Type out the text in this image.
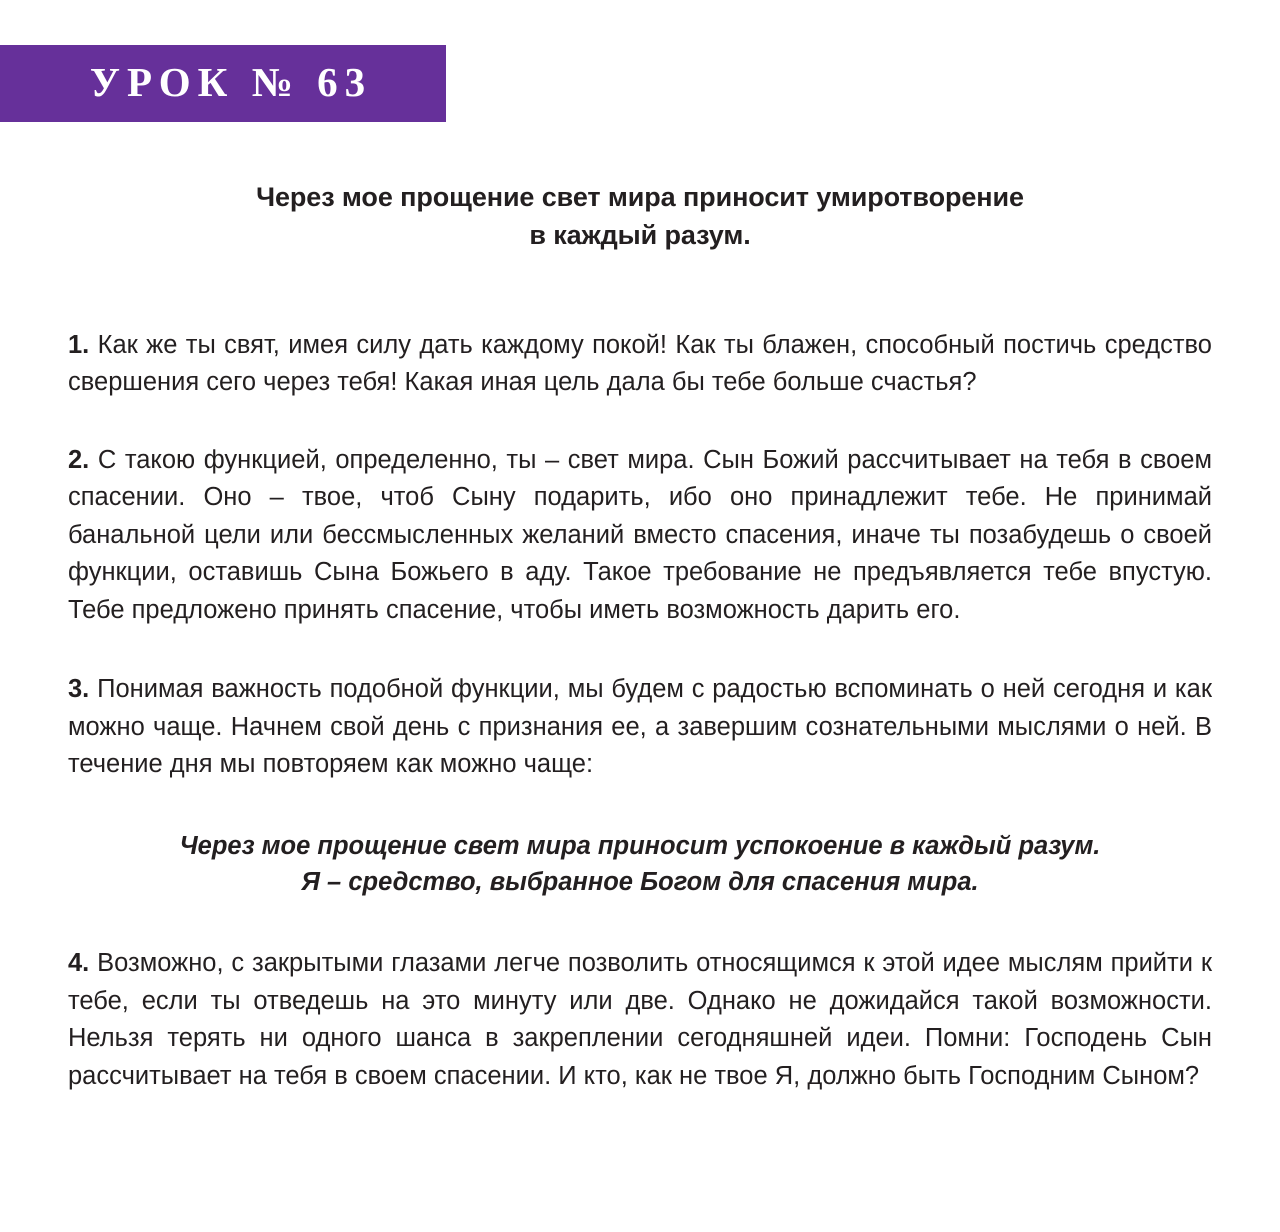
УРОК № 63
Через мое прощение свет мира приносит умиротворение
в каждый разум.

1. Как же ты свят, имея силу дать каждому покой! Как ты блажен, способный постичь средство свершения сего через тебя! Какая иная цель дала бы тебе больше счастья?

2. С такою функцией, определенно, ты – свет мира. Сын Божий рассчитывает на тебя в своем спасении. Оно – твое, чтоб Сыну подарить, ибо оно принадлежит тебе. Не принимай банальной цели или бессмысленных желаний вместо спасения, иначе ты позабудешь о своей функции, оставишь Сына Божьего в аду. Такое требование не предъявляется тебе впустую. Тебе предложено принять спасение, чтобы иметь возможность дарить его.

3. Понимая важность подобной функции, мы будем с радостью вспоминать о ней сегодня и как можно чаще. Начнем свой день с признания ее, а завершим сознательными мыслями о ней. В течение дня мы повторяем как можно чаще:

Через мое прощение свет мира приносит успокоение в каждый разум.
Я – средство, выбранное Богом для спасения мира.

4. Возможно, с закрытыми глазами легче позволить относящимся к этой идее мыслям прийти к тебе, если ты отведешь на это минуту или две. Однако не дожидайся такой возможности. Нельзя терять ни одного шанса в закреплении сегодняшней идеи. Помни: Господень Сын рассчитывает на тебя в своем спасении. И кто, как не твое Я, должно быть Господним Сыном?
